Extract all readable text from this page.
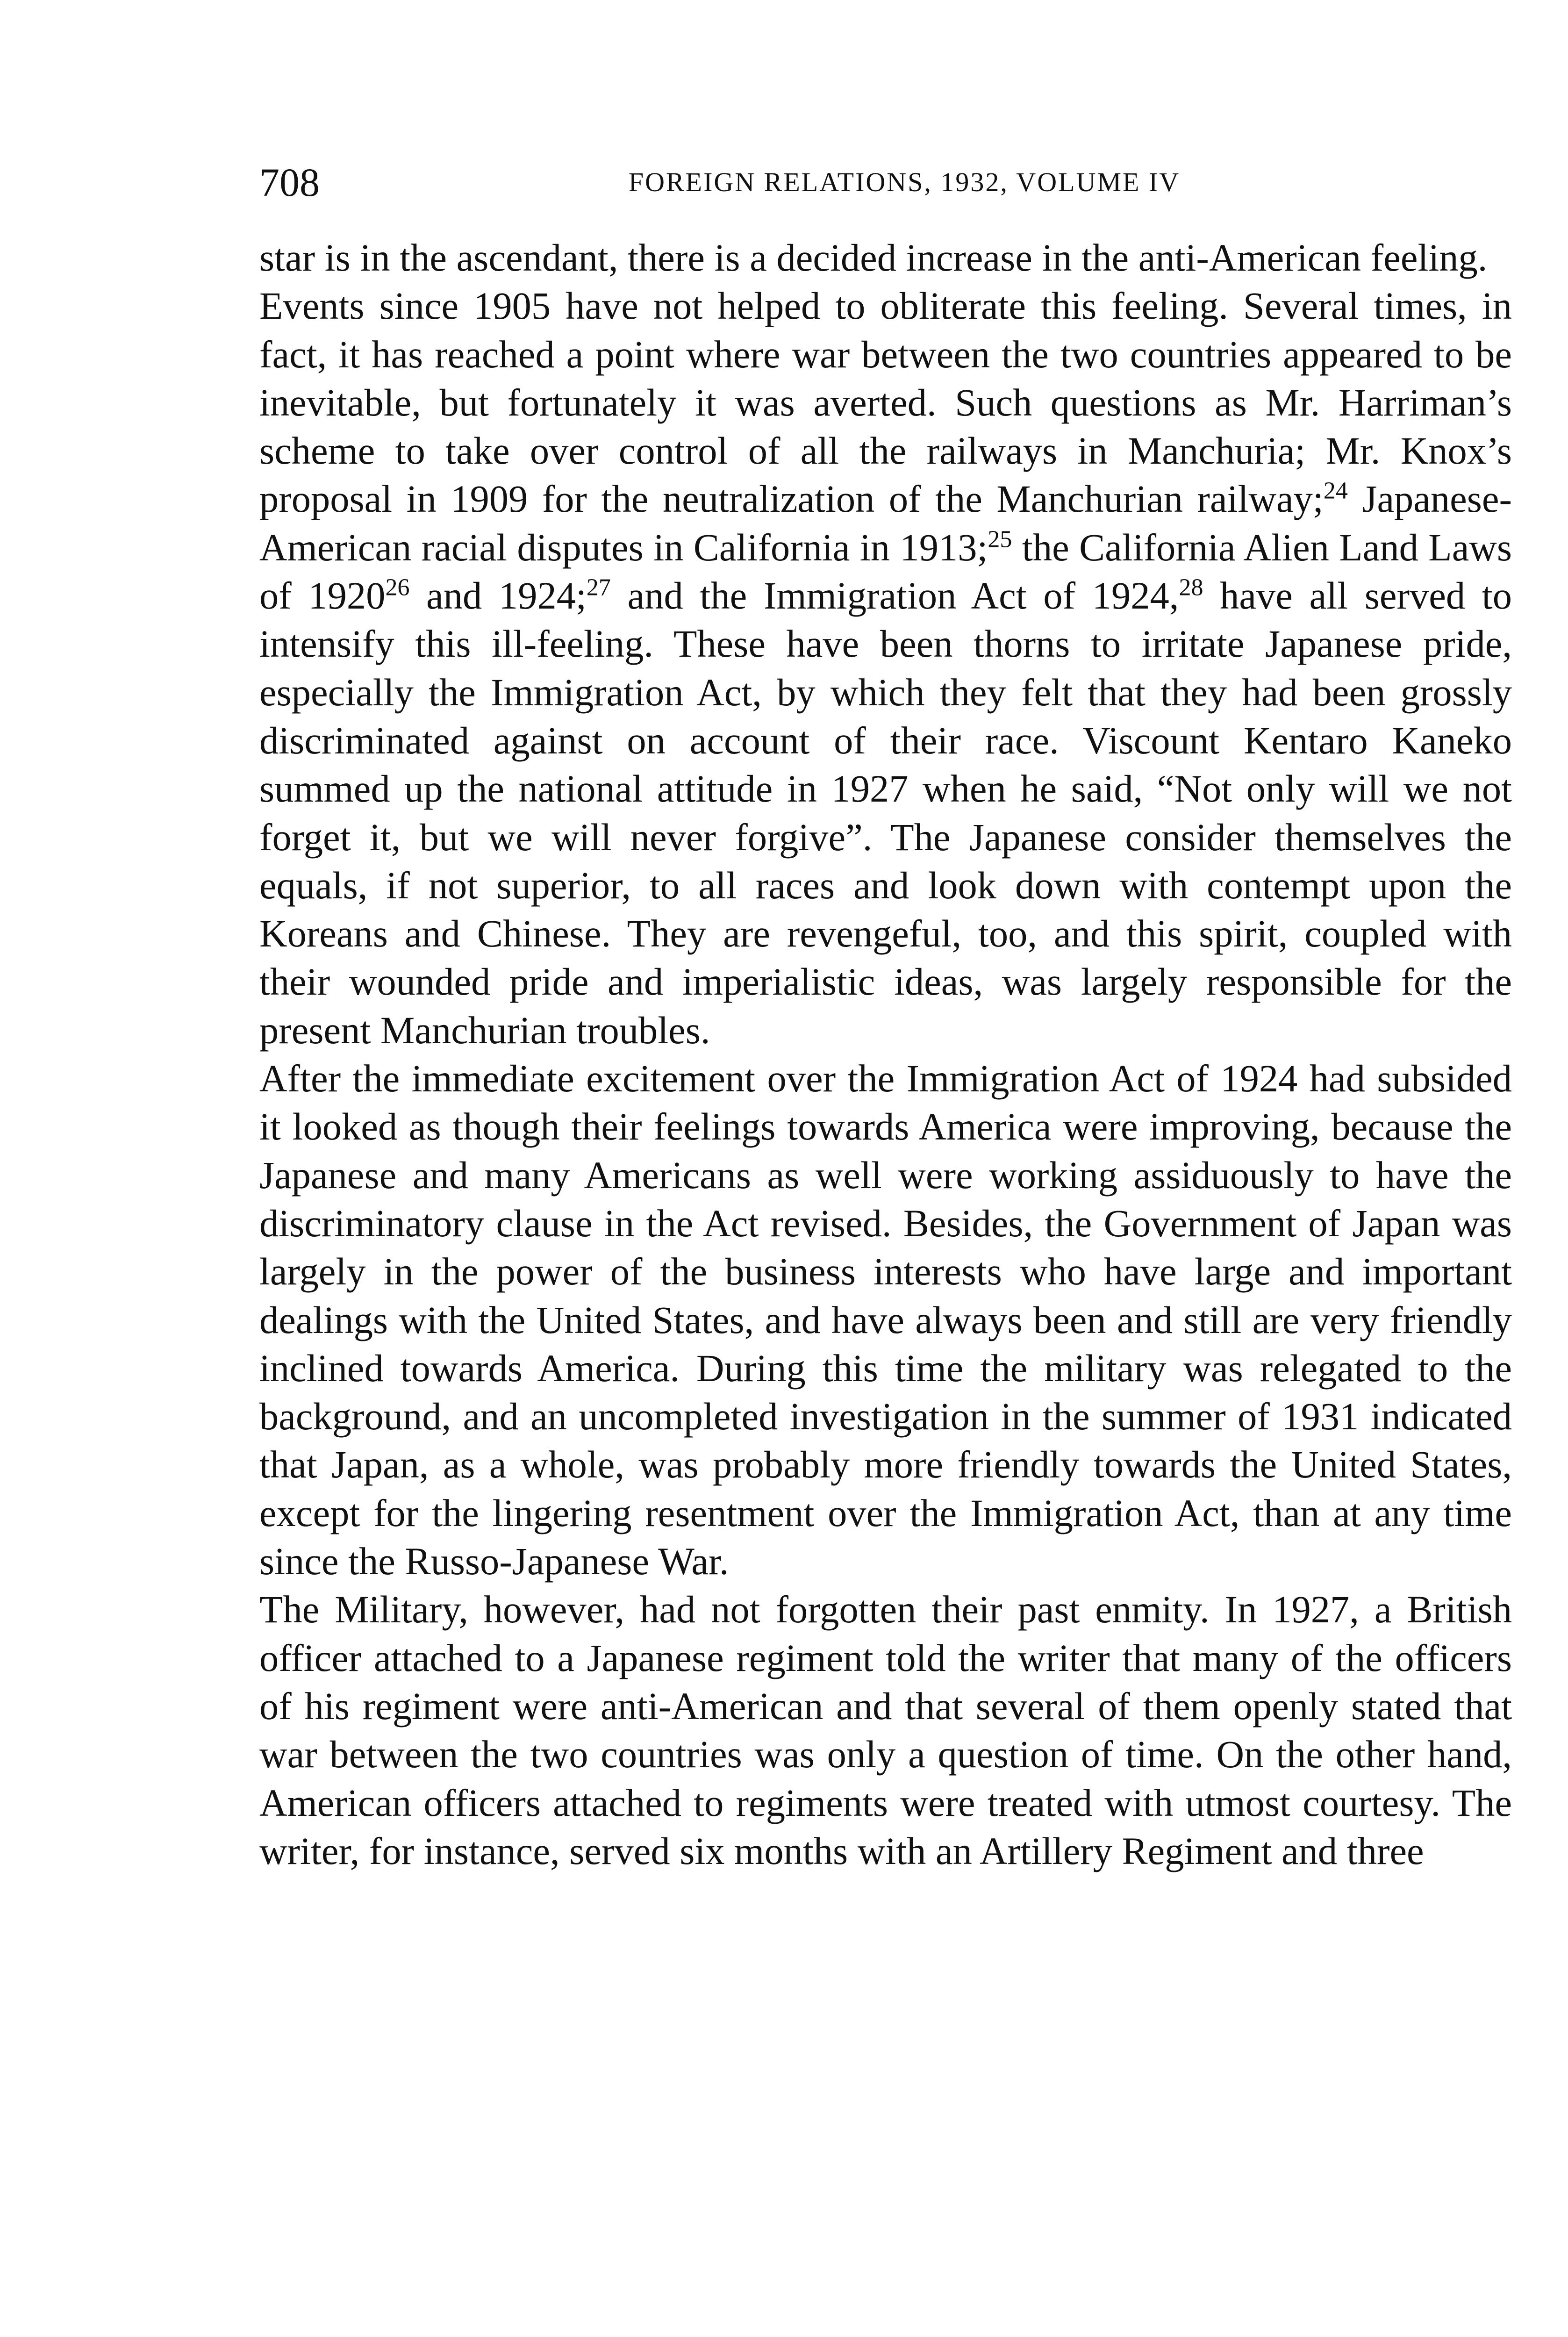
708	FOREIGN RELATIONS, 1932, VOLUME IV

star is in the ascendant, there is a decided increase in the anti-American feeling.

Events since 1905 have not helped to obliterate this feeling. Several times, in fact, it has reached a point where war between the two countries appeared to be inevitable, but fortunately it was averted. Such questions as Mr. Harriman’s scheme to take over control of all the railways in Manchuria; Mr. Knox’s proposal in 1909 for the neutralization of the Manchurian railway;$^{24}$ Japanese-American racial disputes in California in 1913;$^{25}$ the California Alien Land Laws of 1920$^{26}$ and 1924;$^{27}$ and the Immigration Act of 1924,28 have all served to intensify this ill-feeling. These have been thorns to irritate Japanese pride, especially the Immigration Act, by which they felt that they had been grossly discriminated against on account of their race. Viscount Kentaro Kaneko summed up the national attitude in 1927 when he said, “Not only will we not forget it, but we will never forgive”. The Japanese consider themselves the equals, if not superior, to all races and look down with contempt upon the Koreans and Chinese. They are revengeful, too, and this spirit, coupled with their wounded pride and imperialistic ideas, was largely responsible for the present Manchurian troubles.

After the immediate excitement over the Immigration Act of 1924 had subsided it looked as though their feelings towards America were improving, because the Japanese and many Americans as well were working assiduously to have the discriminatory clause in the Act revised. Besides, the Government of Japan was largely in the power of the business interests who have large and important dealings with the United States, and have always been and still are very friendly inclined towards America. During this time the military was relegated to the background, and an uncompleted investigation in the summer of 1931 indicated that Japan, as a whole, was probably more friendly towards the United States, except for the lingering resentment over the Immigration Act, than at any time since the Russo-Japanese War.

The Military, however, had not forgotten their past enmity. In 1927, a British officer attached to a Japanese regiment told the writer that many of the officers of his regiment were anti-American and that several of them openly stated that war between the two countries was only a question of time. On the other hand, American officers attached to regiments were treated with utmost courtesy. The writer, for instance, served six months with an Artillery Regiment and three
